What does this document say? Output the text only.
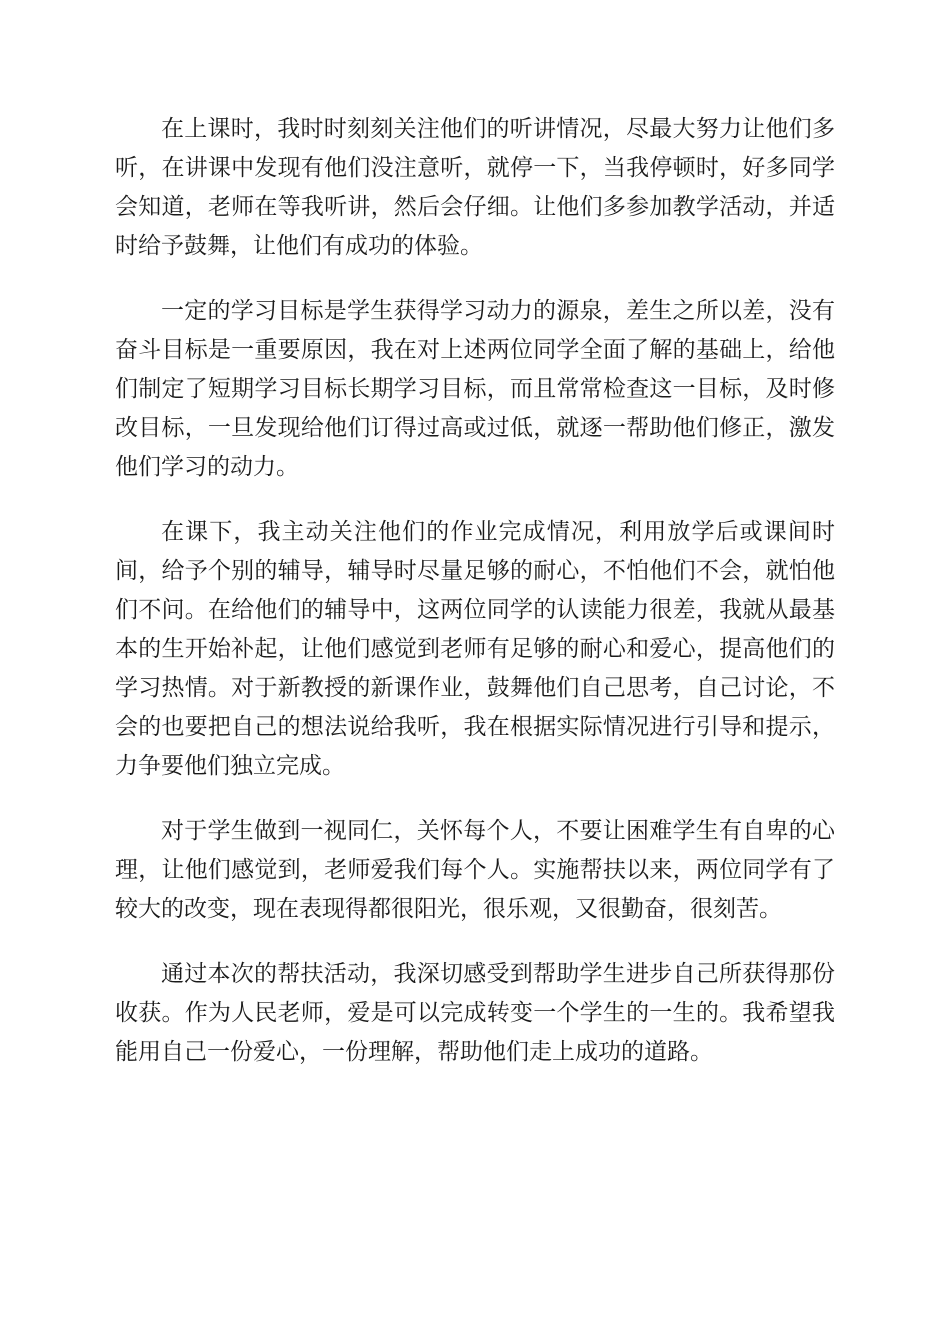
在上课时，我时时刻刻关注他们的听讲情况，尽最大努力让他们多听，在讲课中发现有他们没注意听，就停一下，当我停顿时，好多同学会知道，老师在等我听讲，然后会仔细。让他们多参加教学活动，并适时给予鼓舞，让他们有成功的体验。

一定的学习目标是学生获得学习动力的源泉，差生之所以差，没有奋斗目标是一重要原因，我在对上述两位同学全面了解的基础上，给他们制定了短期学习目标长期学习目标，而且常常检查这一目标，及时修改目标，一旦发现给他们订得过高或过低，就逐一帮助他们修正，激发他们学习的动力。

在课下，我主动关注他们的作业完成情况，利用放学后或课间时间，给予个别的辅导，辅导时尽量足够的耐心，不怕他们不会，就怕他们不问。在给他们的辅导中，这两位同学的认读能力很差，我就从最基本的生开始补起，让他们感觉到老师有足够的耐心和爱心，提高他们的学习热情。对于新教授的新课作业，鼓舞他们自己思考，自己讨论，不会的也要把自己的想法说给我听，我在根据实际情况进行引导和提示，力争要他们独立完成。

对于学生做到一视同仁，关怀每个人，不要让困难学生有自卑的心理，让他们感觉到，老师爱我们每个人。实施帮扶以来，两位同学有了较大的改变，现在表现得都很阳光，很乐观，又很勤奋，很刻苦。

通过本次的帮扶活动，我深切感受到帮助学生进步自己所获得那份收获。作为人民老师，爱是可以完成转变一个学生的一生的。我希望我能用自己一份爱心，一份理解，帮助他们走上成功的道路。
